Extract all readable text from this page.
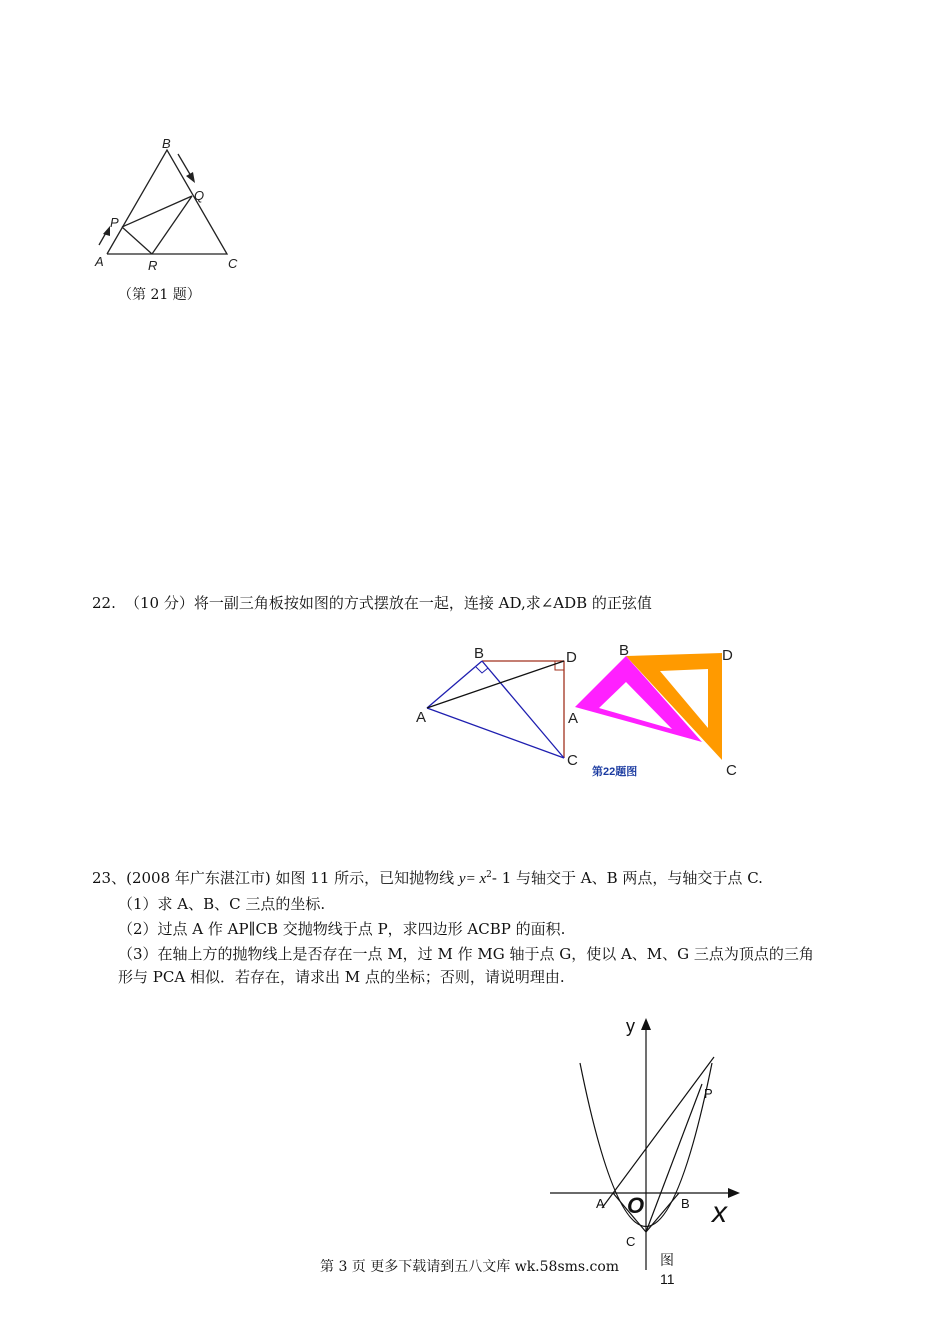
B
Q
P
A	R	C
（第 21 题）
22. （10 分）将一副三角板按如图的方式摆放在一起，连接 AD,求∠ADB 的正弦值
B	D
A
C
第22题图
B	D
A
C
23、(2008 年广东湛江市) 如图 11 所示，已知抛物线 $y= x^2-$ 1 与轴交于 A、B 两点，与轴交于点 C.
（1）求 A、B、C 三点的坐标.
（2）过点 A 作 AP∥CB 交抛物线于点 P，求四边形 ACBP 的面积.
（3）在轴上方的抛物线上是否存在一点 M，过 M 作 MG 轴于点 G，使以 A、M、G 三点为顶点的三角
形与 PCA 相似．若存在，请求出 M 点的坐标；否则，请说明理由.
y
x
O
A	B
C
P
图
11
第 3 页 更多下载请到五八文库 wk.58sms.com
